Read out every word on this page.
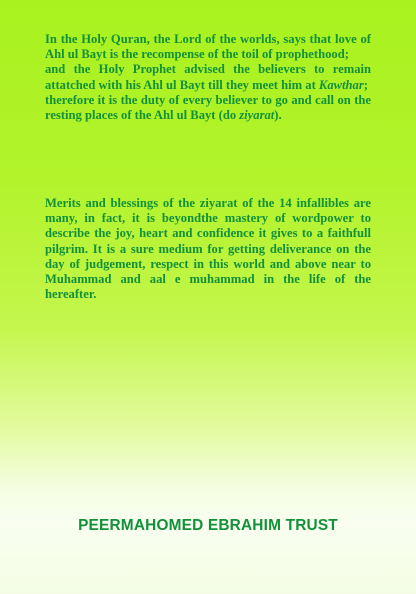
In the Holy Quran, the Lord of the worlds, says that love of Ahl ul Bayt is the recompense of the toil of prophethood;

and the Holy Prophet advised the believers to remain attatched with his Ahl ul Bayt till they meet him at Kawthar;

therefore it is the duty of every believer to go and call on the resting places of the Ahl ul Bayt (do ziyarat).

Merits and blessings of the ziyarat of the 14 infallibles are many, in fact, it is beyondthe mastery of wordpower to describe the joy, heart and confidence it gives to a faithfull pilgrim. It is a sure medium for getting deliverance on the day of judgement, respect in this world and above near to Muhammad and aal e muhammad in the life of the hereafter.

PEERMAHOMED EBRAHIM TRUST
